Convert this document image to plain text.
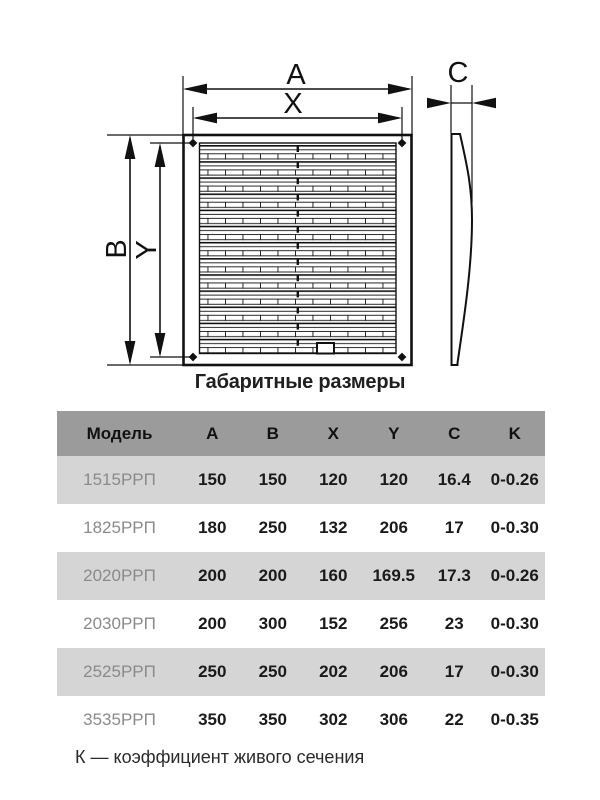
A
X
B
Y
C
Габаритные размеры
Модель	A	B	X	Y	C	K
1515РРП	150	150	120	120	16.4	0-0.26
1825РРП	180	250	132	206	17	0-0.30
2020РРП	200	200	160	169.5	17.3	0-0.26
2030РРП	200	300	152	256	23	0-0.30
2525РРП	250	250	202	206	17	0-0.30
3535РРП	350	350	302	306	22	0-0.35
К — коэффициент живого сечения
